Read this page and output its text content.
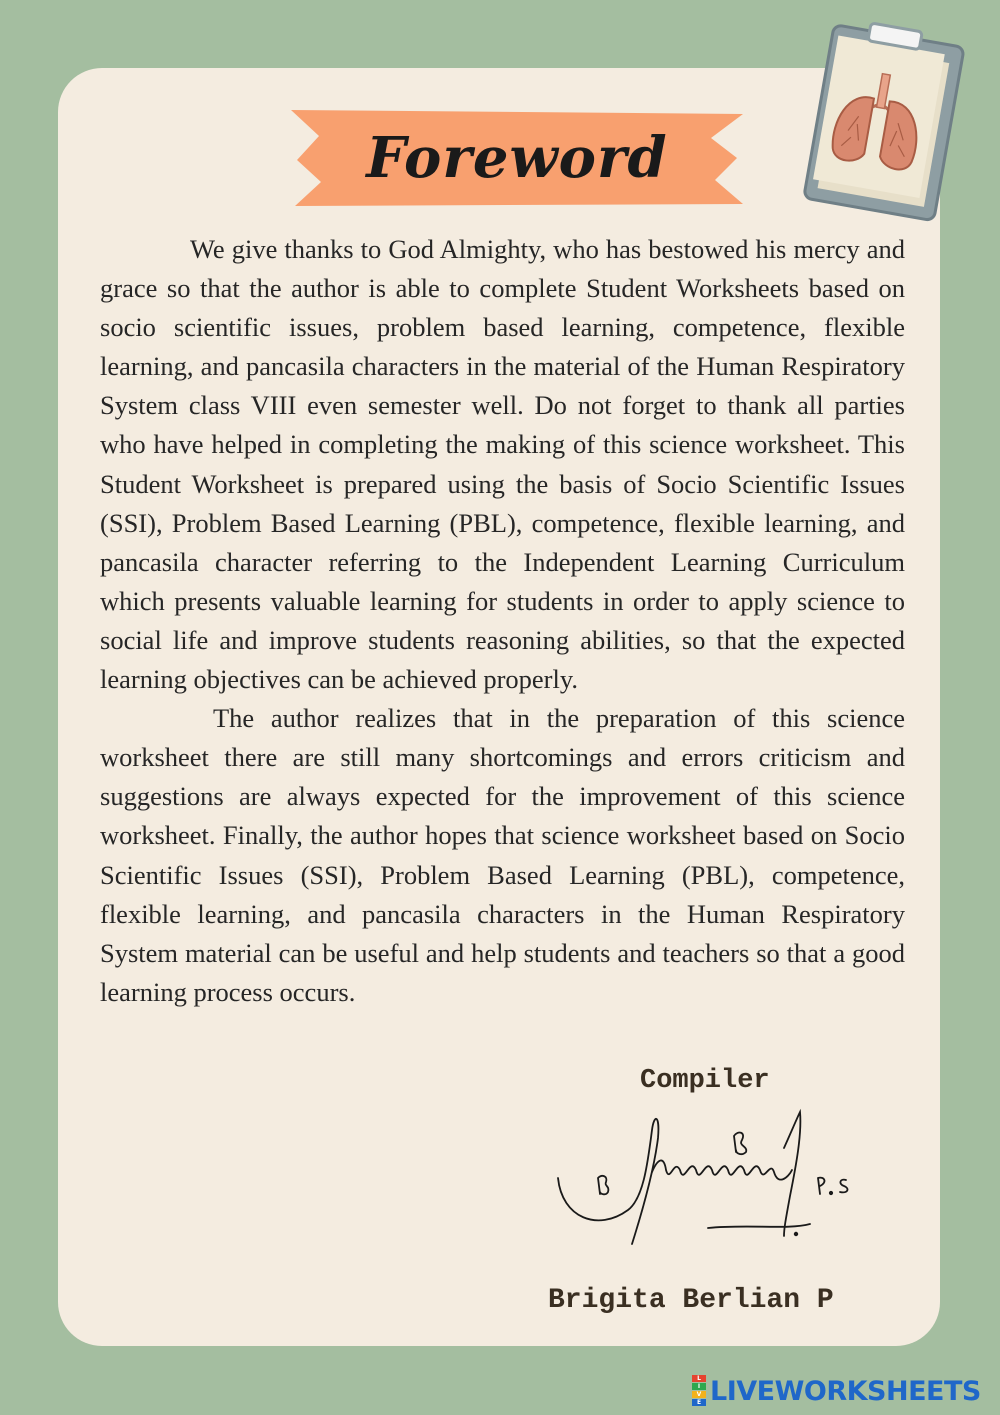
Foreword

We give thanks to God Almighty, who has bestowed his mercy and grace so that the author is able to complete Student Worksheets based on socio scientific issues, problem based learning, competence, flexible learning, and pancasila characters in the material of the Human Respiratory System class VIII even semester well. Do not forget to thank all parties who have helped in completing the making of this science worksheet. This Student Worksheet is prepared using the basis of Socio Scientific Issues (SSI), Problem Based Learning (PBL), competence, flexible learning, and pancasila character referring to the Independent Learning Curriculum which presents valuable learning for students in order to apply science to social life and improve students reasoning abilities, so that the expected learning objectives can be achieved properly.

The author realizes that in the preparation of this science worksheet there are still many shortcomings and errors criticism and suggestions are always expected for the improvement of this science worksheet. Finally, the author hopes that science worksheet based on Socio Scientific Issues (SSI), Problem Based Learning (PBL), competence, flexible learning, and pancasila characters in the Human Respiratory System material can be useful and help students and teachers so that a good learning process occurs.

Compiler
Brigita Berlian P
L
I
V
E LIVEWORKSHEETS
